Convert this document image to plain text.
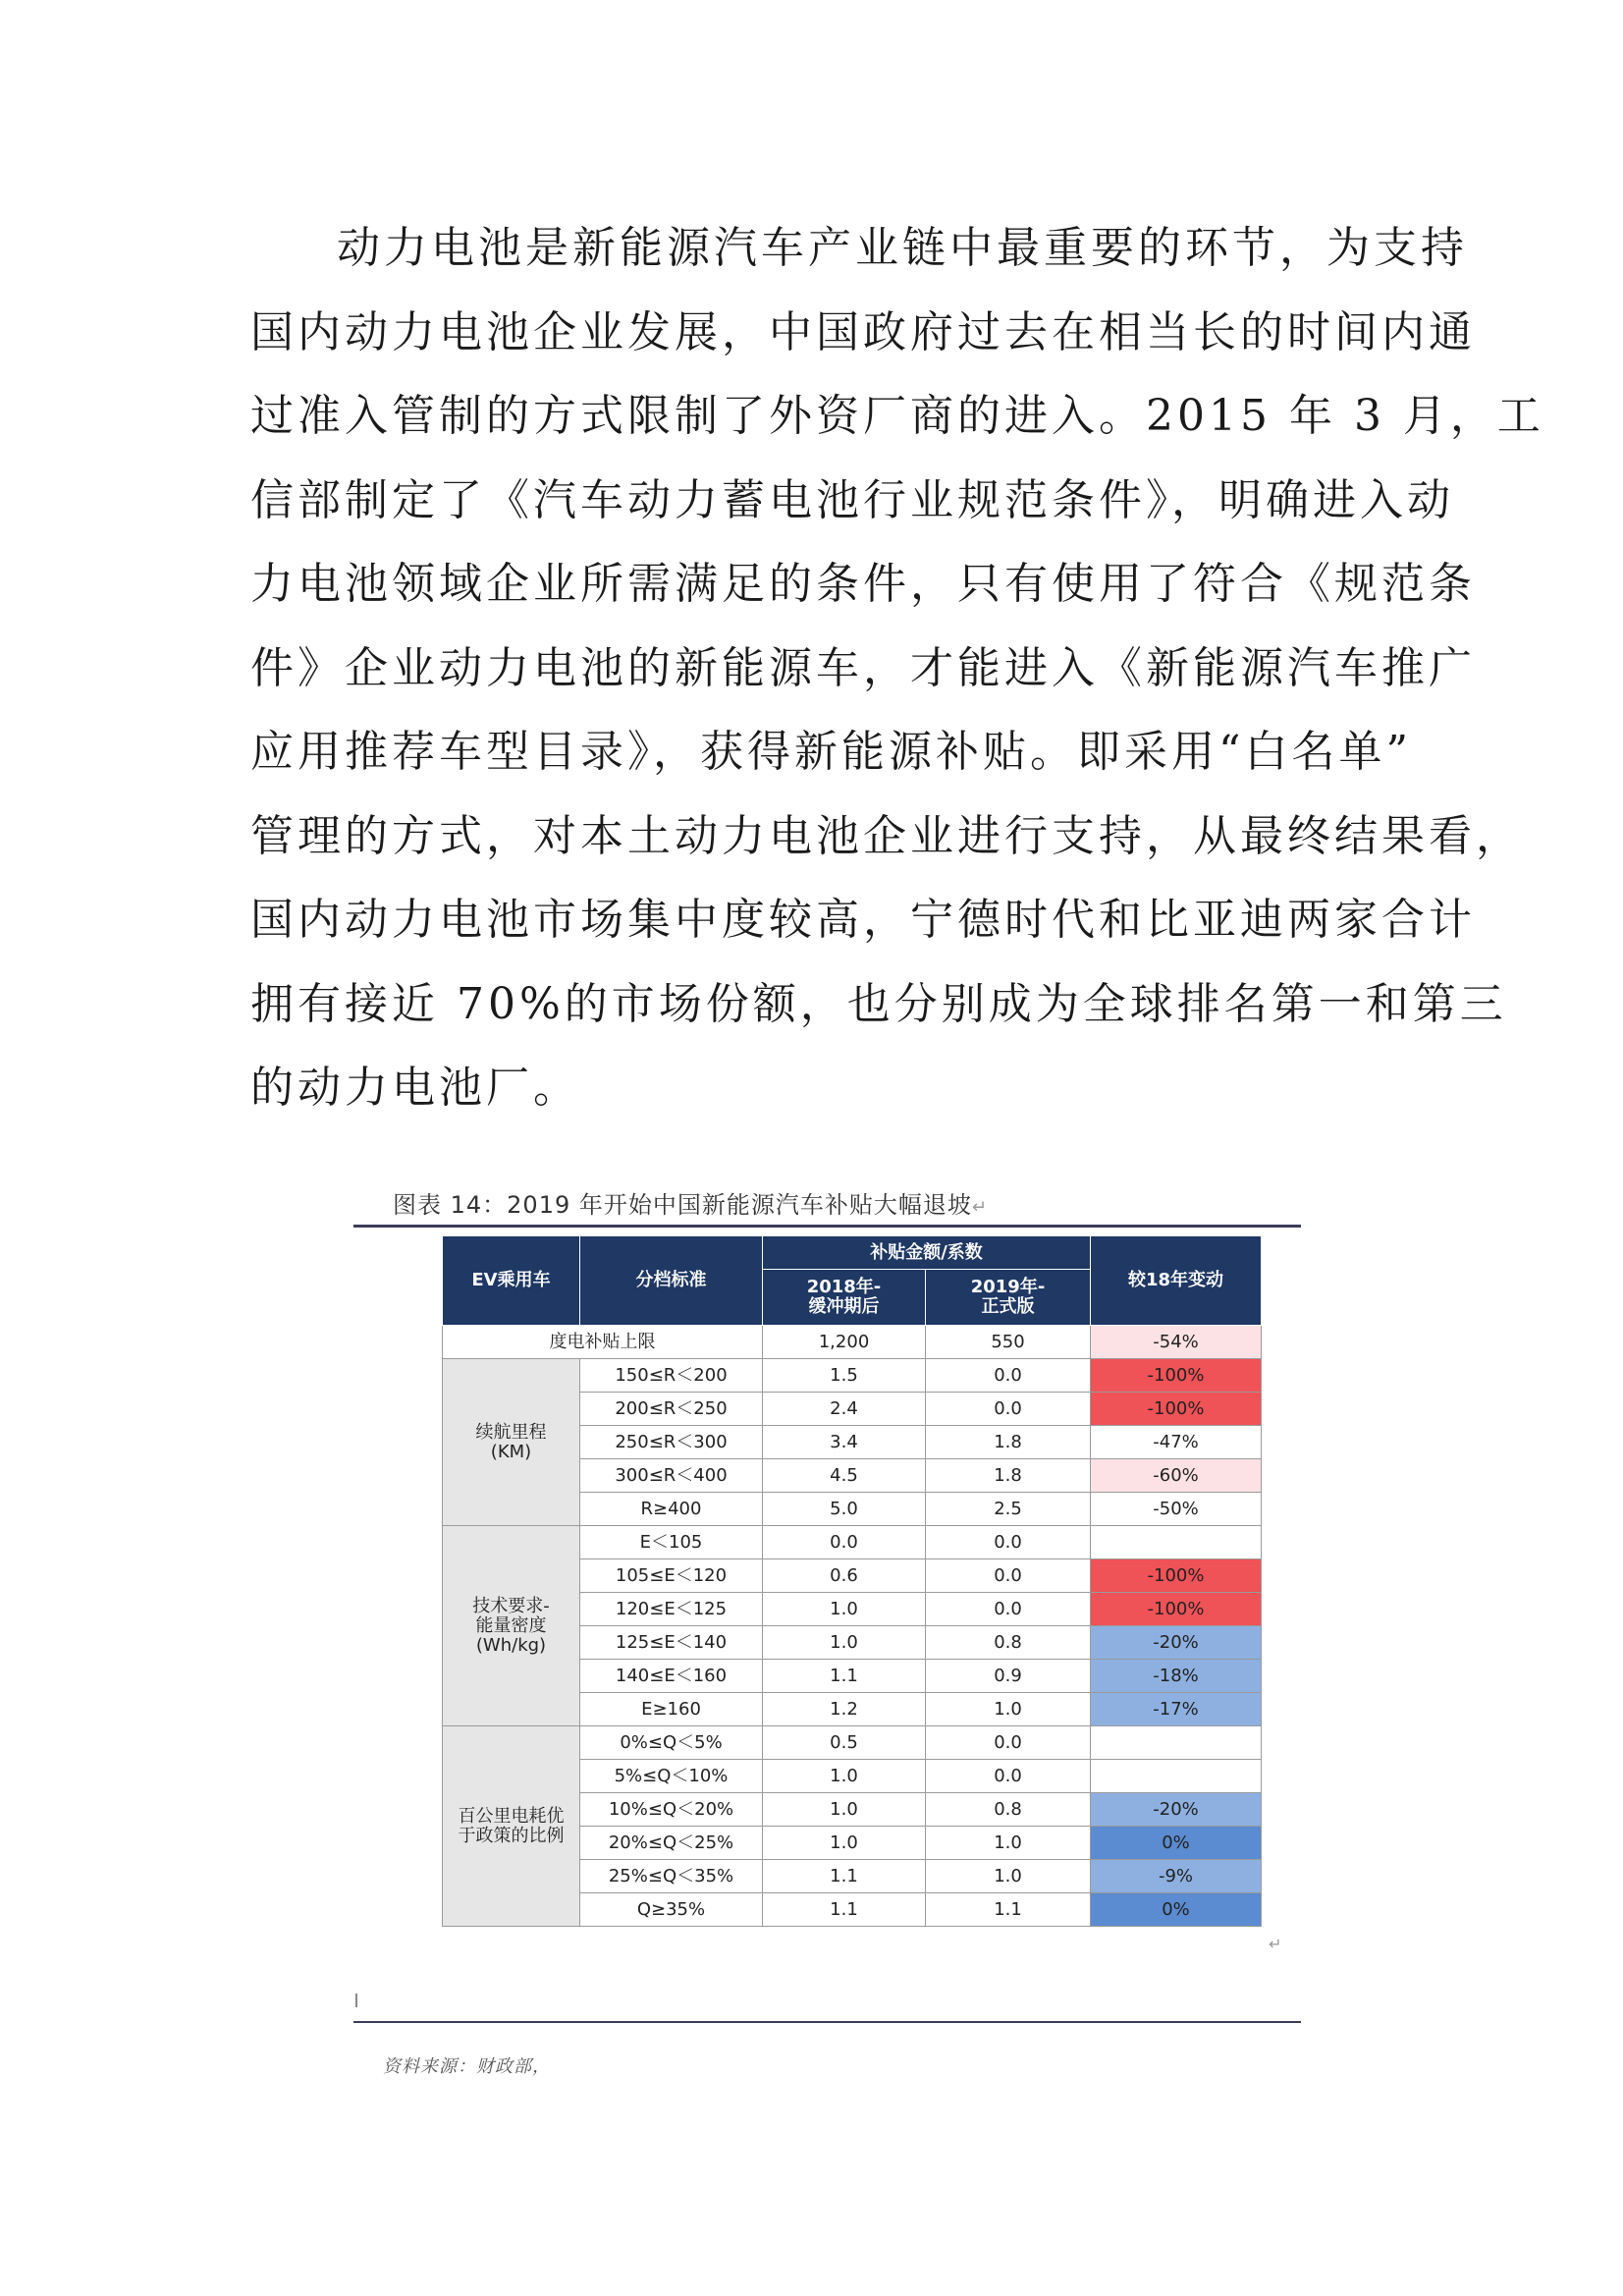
动力电池是新能源汽车产业链中最重要的环节，为支持
国内动力电池企业发展，中国政府过去在相当长的时间内通
过准入管制的方式限制了外资厂商的进入。2015 年 3 月，工
信部制定了《汽车动力蓄电池行业规范条件》，明确进入动
力电池领域企业所需满足的条件，只有使用了符合《规范条
件》企业动力电池的新能源车，才能进入《新能源汽车推广
应用推荐车型目录》，获得新能源补贴。即采用“白名单”
管理的方式，对本土动力电池企业进行支持，从最终结果看，
国内动力电池市场集中度较高，宁德时代和比亚迪两家合计
拥有接近 70%的市场份额，也分别成为全球排名第一和第三
的动力电池厂。
图表 14：2019 年开始中国新能源汽车补贴大幅退坡↵
EV乘用车	分档标准	补贴金额/系数		较18年变动
		2018年-
缓冲期后	2019年-
正式版	
度电补贴上限		1,200	550	-54%
续航里程
(KM)	150≤R＜200	1.5	0.0	-100%
	200≤R＜250	2.4	0.0	-100%
	250≤R＜300	3.4	1.8	-47%
	300≤R＜400	4.5	1.8	-60%
	R≥400	5.0	2.5	-50%
技术要求-
能量密度
(Wh/kg)	E＜105	0.0	0.0	
	105≤E＜120	0.6	0.0	-100%
	120≤E＜125	1.0	0.0	-100%
	125≤E＜140	1.0	0.8	-20%
	140≤E＜160	1.1	0.9	-18%
	E≥160	1.2	1.0	-17%
百公里电耗优
于政策的比例	0%≤Q＜5%	0.5	0.0	
	5%≤Q＜10%	1.0	0.0	
	10%≤Q＜20%	1.0	0.8	-20%
	20%≤Q＜25%	1.0	1.0	0%
	25%≤Q＜35%	1.1	1.0	-9%
	Q≥35%	1.1	1.1	0%
↵
资料来源：财政部，
